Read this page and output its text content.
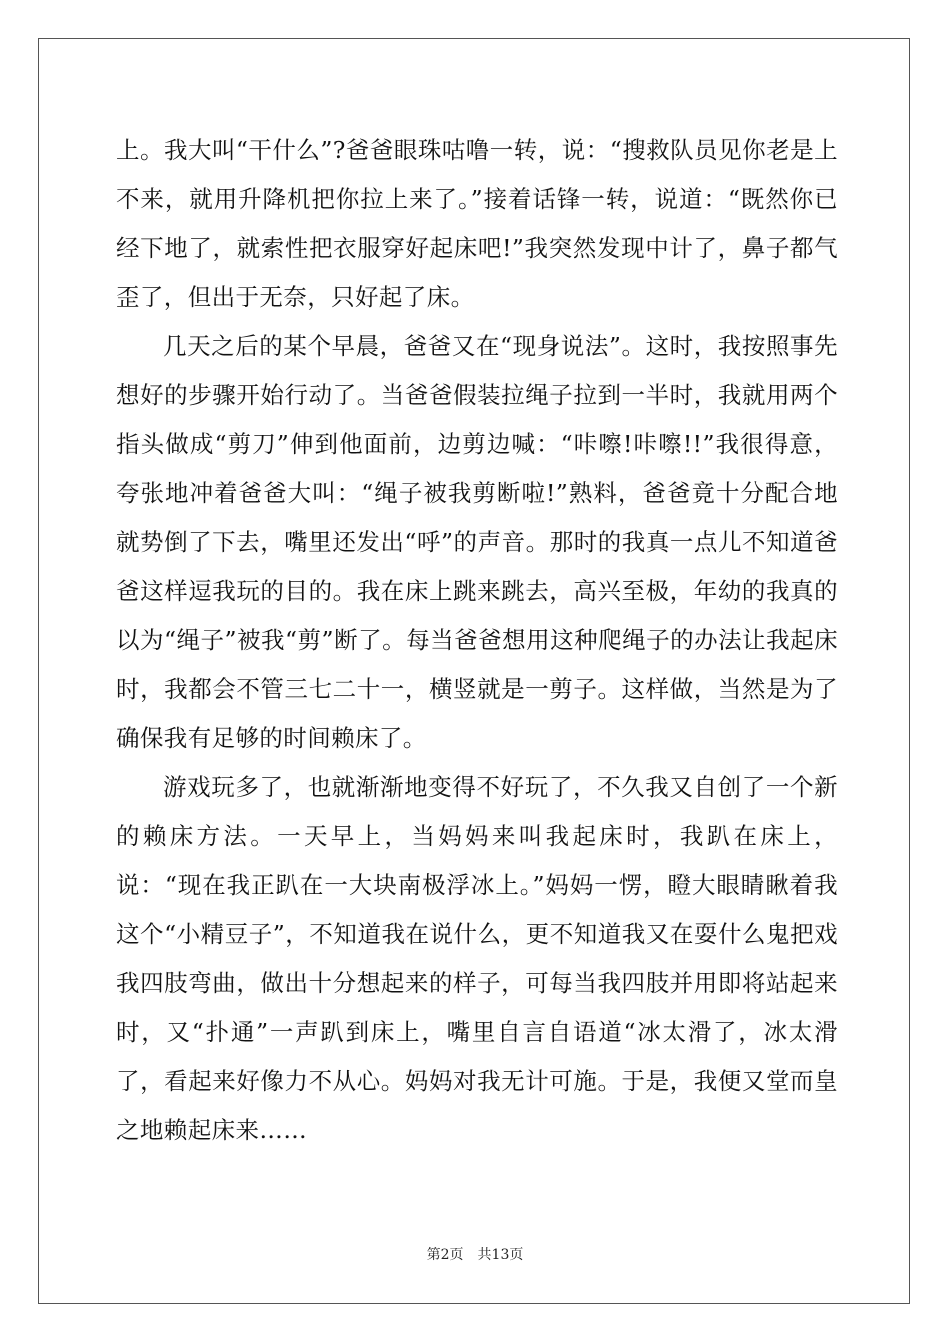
上。我大叫“干什么”?爸爸眼珠咕噜一转，说：“搜救队员见你老是上不来，就用升降机把你拉上来了。”接着话锋一转，说道：“既然你已经下地了，就索性把衣服穿好起床吧!”我突然发现中计了，鼻子都气歪了，但出于无奈，只好起了床。

几天之后的某个早晨，爸爸又在“现身说法”。这时，我按照事先想好的步骤开始行动了。当爸爸假装拉绳子拉到一半时，我就用两个指头做成“剪刀”伸到他面前，边剪边喊：“咔嚓!咔嚓!!”我很得意，夸张地冲着爸爸大叫：“绳子被我剪断啦!”熟料，爸爸竟十分配合地就势倒了下去，嘴里还发出“呼”的声音。那时的我真一点儿不知道爸爸这样逗我玩的目的。我在床上跳来跳去，高兴至极，年幼的我真的以为“绳子”被我“剪”断了。每当爸爸想用这种爬绳子的办法让我起床时，我都会不管三七二十一，横竖就是一剪子。这样做，当然是为了确保我有足够的时间赖床了。

游戏玩多了，也就渐渐地变得不好玩了，不久我又自创了一个新的赖床方法。一天早上，当妈妈来叫我起床时，我趴在床上，说：“现在我正趴在一大块南极浮冰上。”妈妈一愣，瞪大眼睛瞅着我这个“小精豆子”，不知道我在说什么，更不知道我又在耍什么鬼把戏我四肢弯曲，做出十分想起来的样子，可每当我四肢并用即将站起来时，又“扑通”一声趴到床上，嘴里自言自语道“冰太滑了，冰太滑了，看起来好像力不从心。妈妈对我无计可施。于是，我便又堂而皇之地赖起床来……

第2页 共13页
